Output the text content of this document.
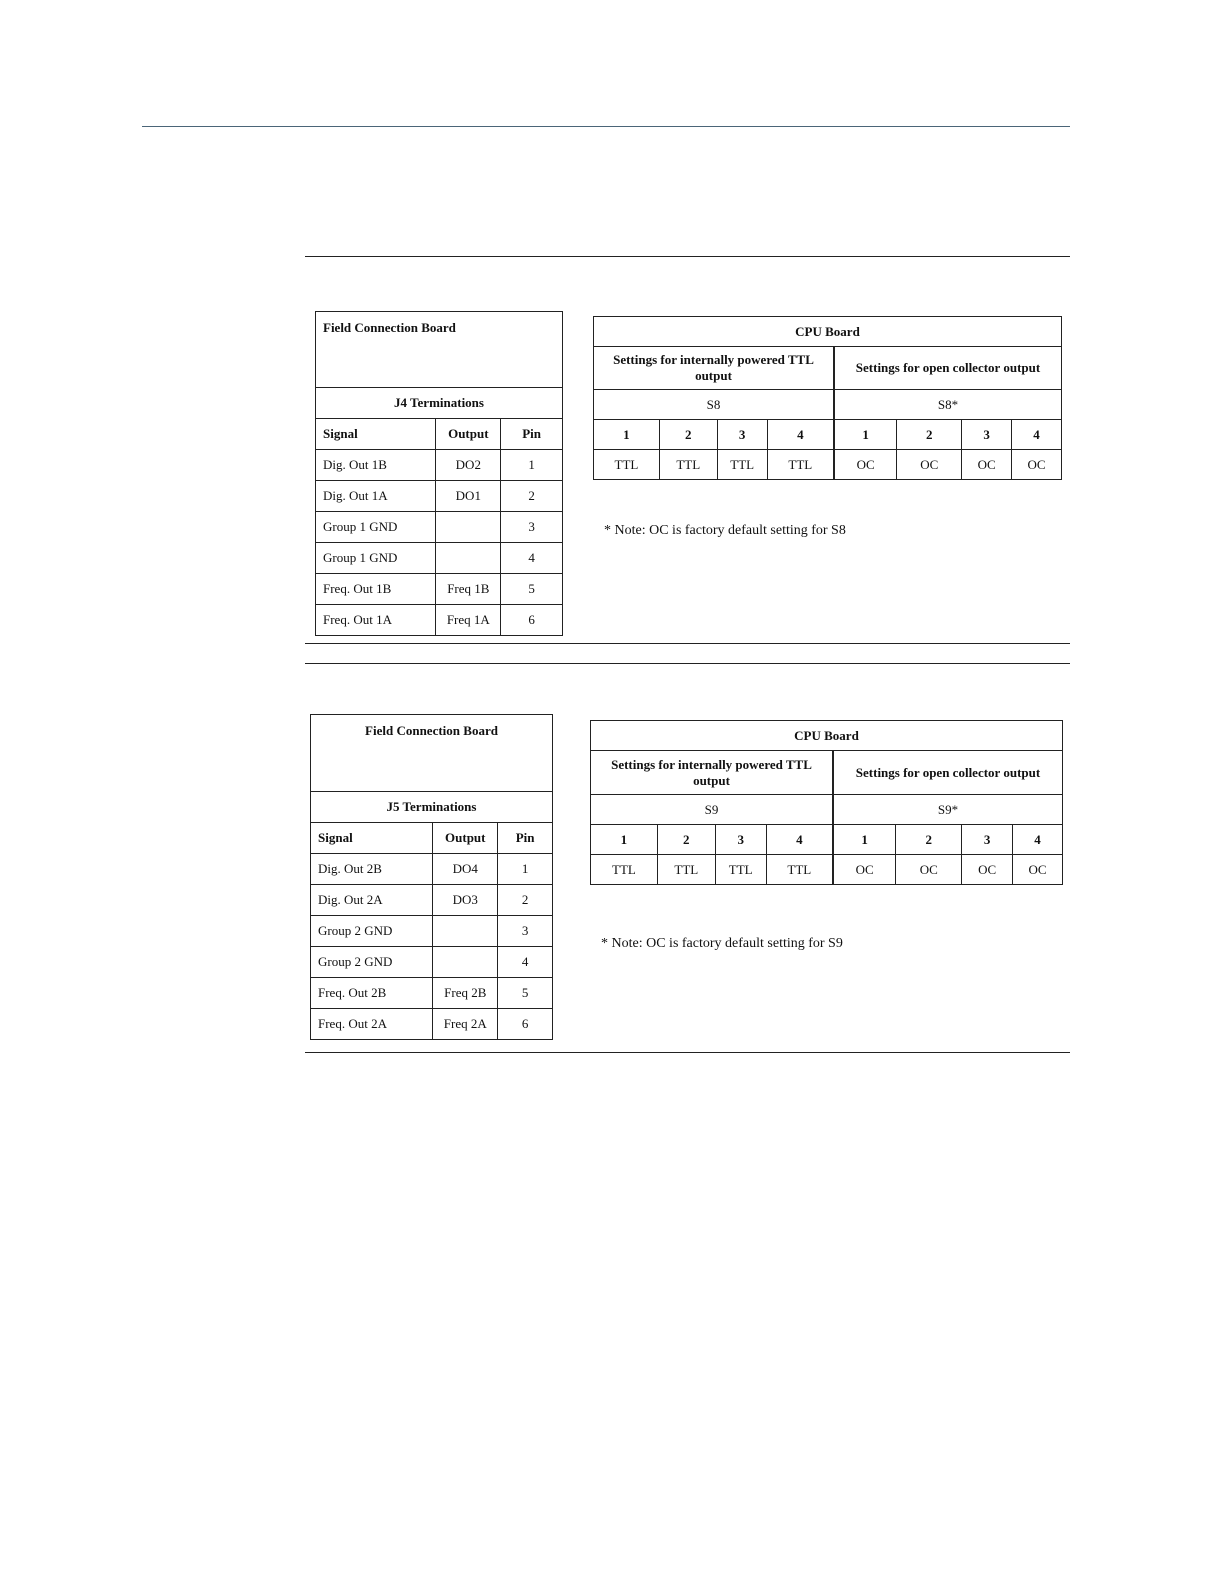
Field Connection Board		
J4 Terminations		
Signal	Output	Pin
Dig. Out 1B	DO2	1
Dig. Out 1A	DO1	2
Group 1 GND		3
Group 1 GND		4
Freq. Out 1B	Freq 1B	5
Freq. Out 1A	Freq 1A	6
CPU Board							
Settings for internally powered TTL output				Settings for open collector output			
S8				S8*			
1	2	3	4	1	2	3	4
TTL	TTL	TTL	TTL	OC	OC	OC	OC
* Note: OC is factory default setting for S8
Field Connection Board		
J5 Terminations		
Signal	Output	Pin
Dig. Out 2B	DO4	1
Dig. Out 2A	DO3	2
Group 2 GND		3
Group 2 GND		4
Freq. Out 2B	Freq 2B	5
Freq. Out 2A	Freq 2A	6
CPU Board							
Settings for internally powered TTL output				Settings for open collector output			
S9				S9*			
1	2	3	4	1	2	3	4
TTL	TTL	TTL	TTL	OC	OC	OC	OC
* Note: OC is factory default setting for S9
